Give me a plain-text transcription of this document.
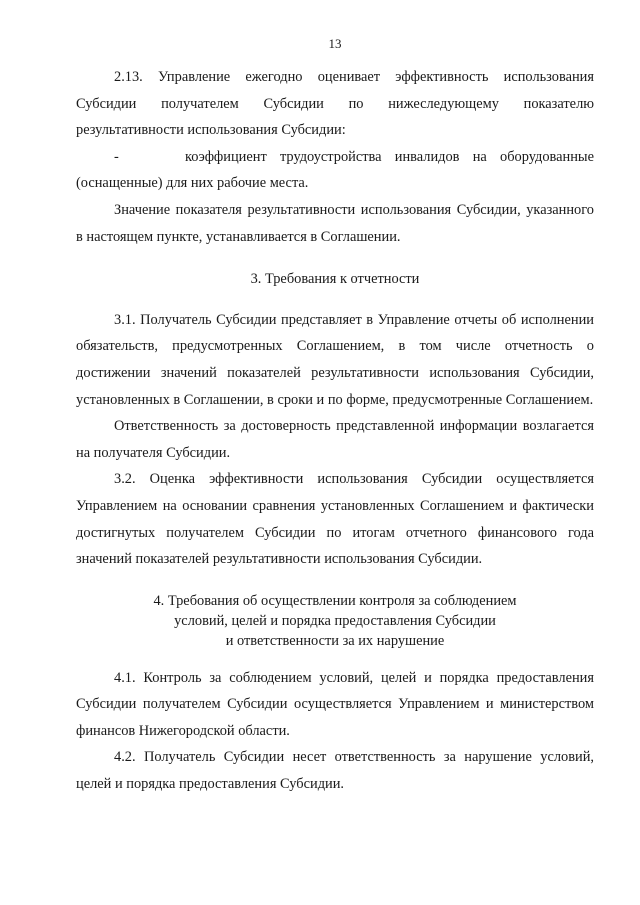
13

2.13. Управление ежегодно оценивает эффективность использования Субсидии получателем Субсидии по нижеследующему показателю результативности использования Субсидии:

-     коэффициент трудоустройства инвалидов на оборудованные (оснащенные) для них рабочие места.

Значение показателя результативности использования Субсидии, указанного в настоящем пункте, устанавливается в Соглашении.

3. Требования к отчетности

3.1. Получатель Субсидии представляет в Управление отчеты об исполнении обязательств, предусмотренных Соглашением, в том числе отчетность о достижении значений показателей результативности использования Субсидии, установленных в Соглашении, в сроки и по форме, предусмотренные Соглашением.

Ответственность за достоверность представленной информации возлагается на получателя Субсидии.

3.2. Оценка эффективности использования Субсидии осуществляется Управлением на основании сравнения установленных Соглашением и фактически достигнутых получателем Субсидии по итогам отчетного финансового года значений показателей результативности использования Субсидии.

4. Требования об осуществлении контроля за соблюдением
условий, целей и порядка предоставления Субсидии
и ответственности за их нарушение

4.1. Контроль за соблюдением условий, целей и порядка предоставления Субсидии получателем Субсидии осуществляется Управлением и министерством финансов Нижегородской области.

4.2. Получатель Субсидии несет ответственность за нарушение условий, целей и порядка предоставления Субсидии.
